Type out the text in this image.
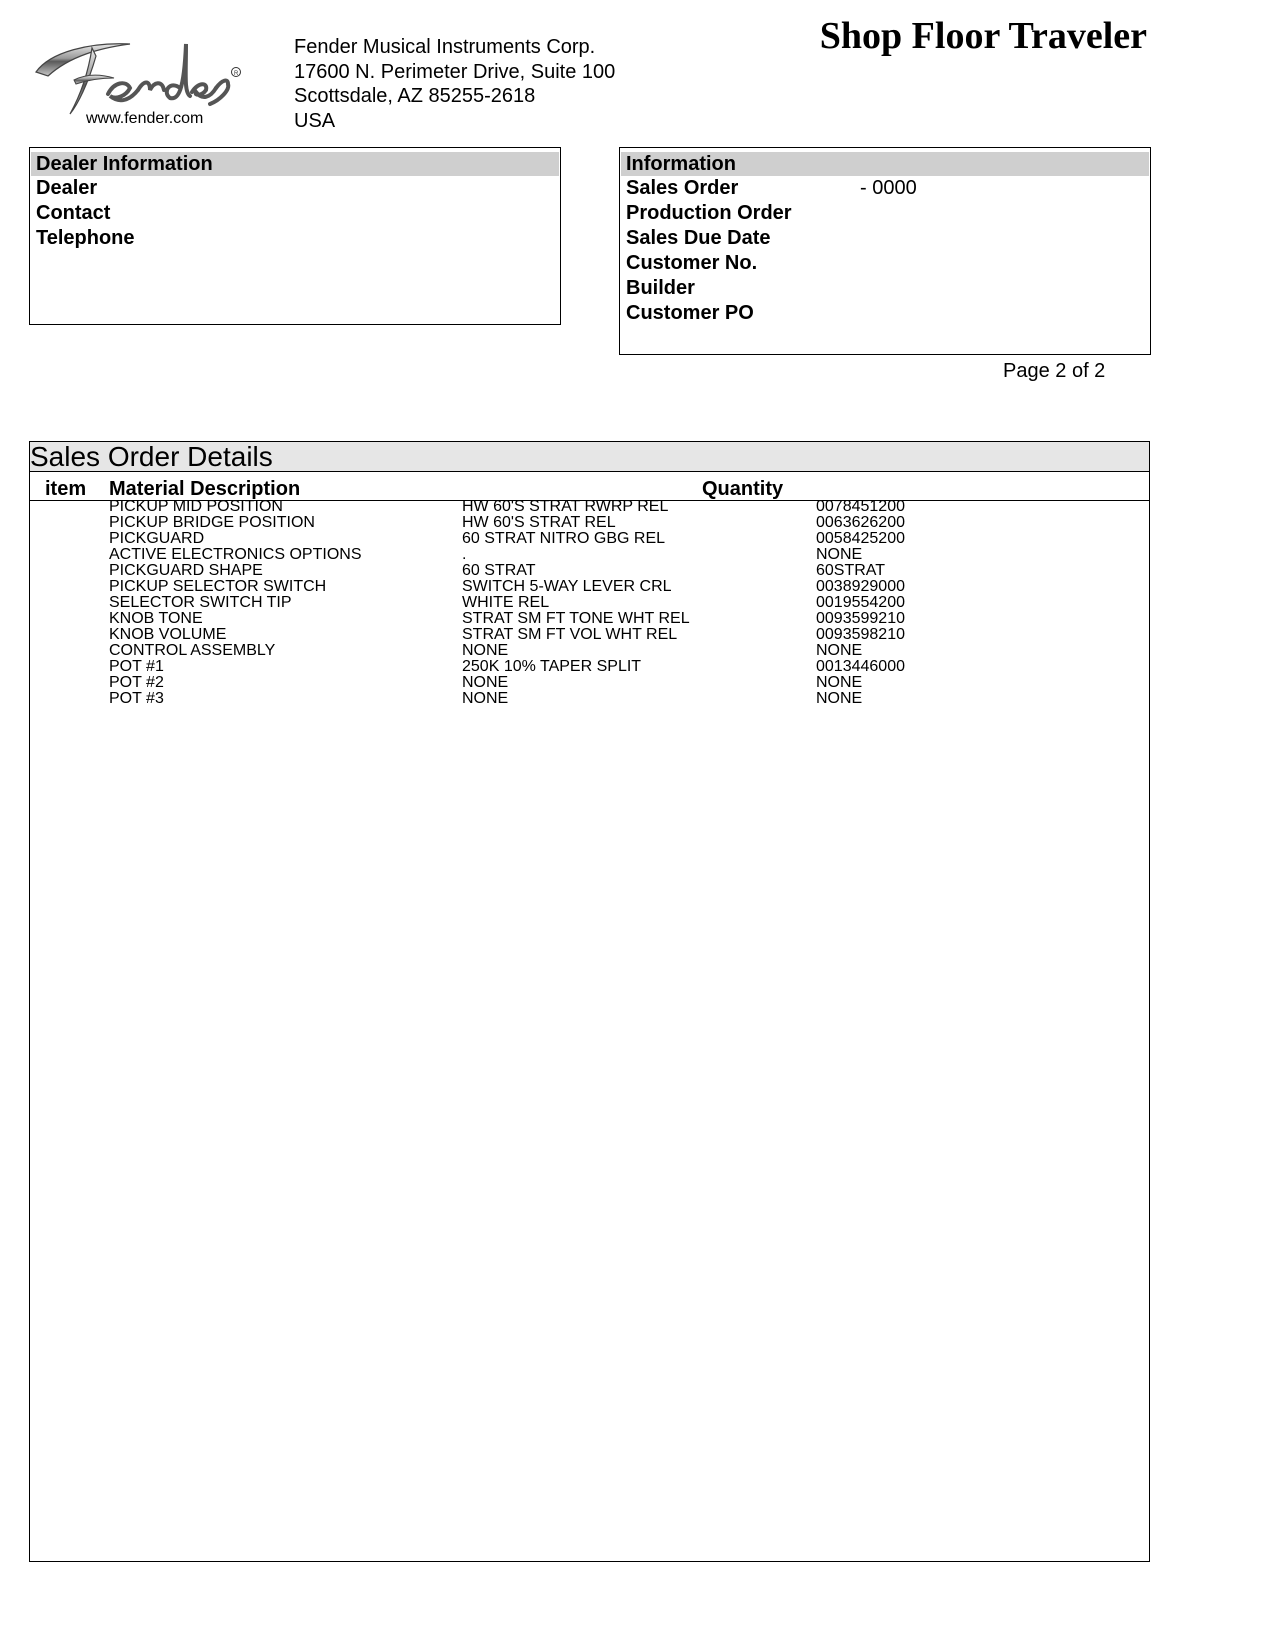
R
www.fender.com
Fender Musical Instruments Corp.
17600 N. Perimeter Drive, Suite 100
Scottsdale, AZ 85255-2618
USA
Shop Floor Traveler
Dealer Information
Dealer
Contact
Telephone
Information
Sales Order	- 0000
Production Order
Sales Due Date
Customer No.
Builder
Customer PO
Page 2 of 2
Sales Order Details
item Material Description	Quantity
PICKUP MID POSITION	HW 60'S STRAT RWRP REL	0078451200
PICKUP BRIDGE POSITION	HW 60'S STRAT REL	0063626200
PICKGUARD	60 STRAT NITRO GBG REL	0058425200
ACTIVE ELECTRONICS OPTIONS	.	NONE
PICKGUARD SHAPE	60 STRAT	60STRAT
PICKUP SELECTOR SWITCH	SWITCH 5-WAY LEVER CRL	0038929000
SELECTOR SWITCH TIP	WHITE REL	0019554200
KNOB TONE	STRAT SM FT TONE WHT REL	0093599210
KNOB VOLUME	STRAT SM FT VOL WHT REL	0093598210
CONTROL ASSEMBLY	NONE	NONE
POT #1	250K 10% TAPER SPLIT	0013446000
POT #2	NONE	NONE
POT #3	NONE	NONE
